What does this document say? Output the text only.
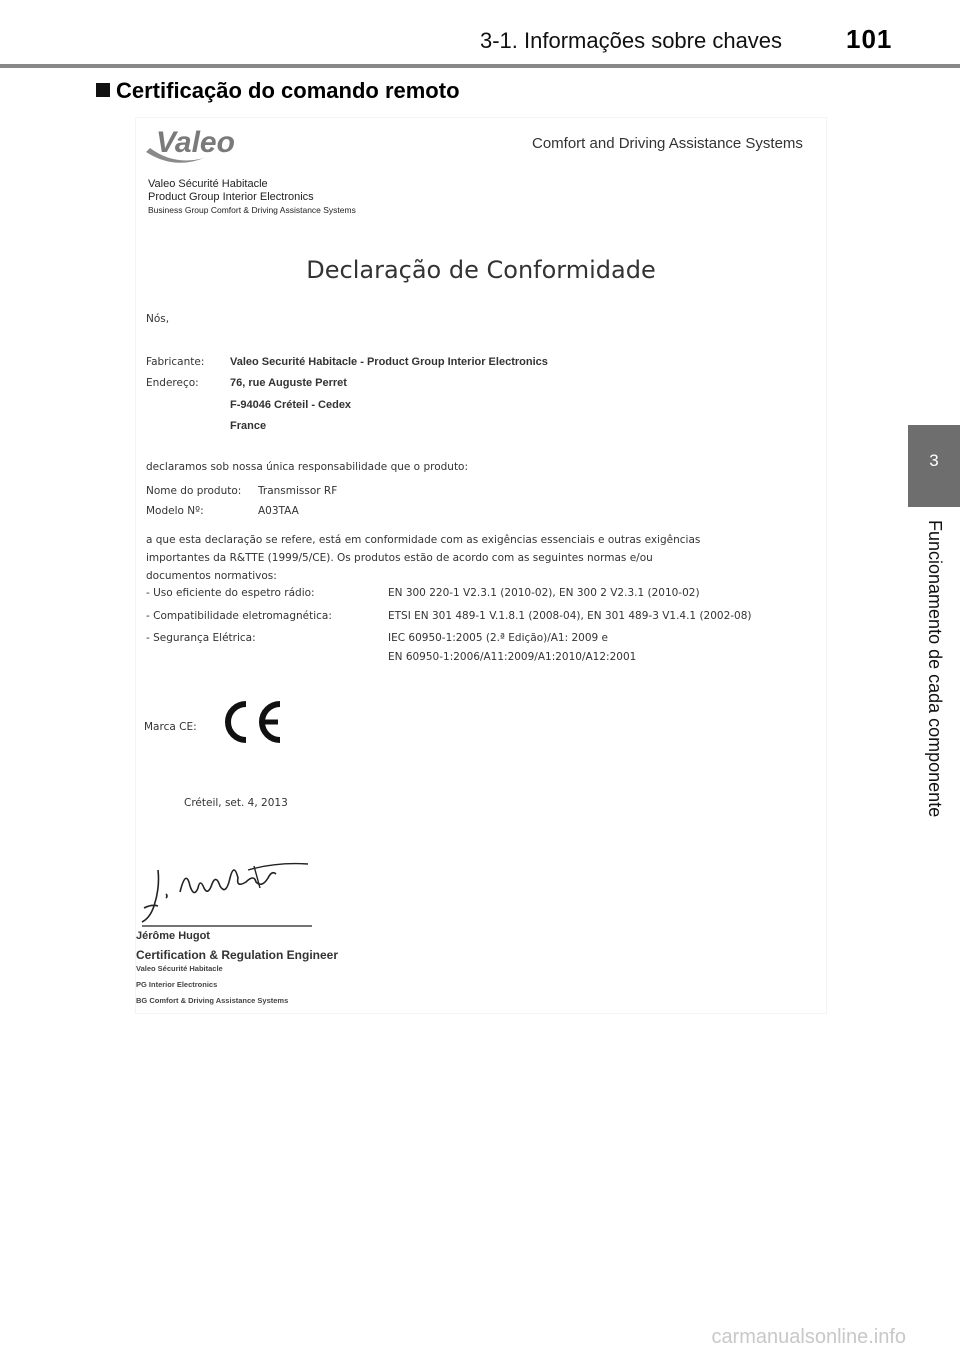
3-1. Informações sobre chaves 101
Certificação do comando remoto
3
Funcionamento de cada componente
Valeo	Comfort and Driving Assistance Systems
Valeo Sécurité Habitacle
Product Group Interior Electronics
Business Group Comfort & Driving Assistance Systems
Declaração de Conformidade
Nós,
Fabricante: Valeo Securité Habitacle - Product Group Interior Electronics
Endereço:	76, rue Auguste Perret
F-94046 Créteil - Cedex
France
declaramos sob nossa única responsabilidade que o produto:
Nome do produto: Transmissor RF
Modelo Nº:	A03TAA
a que esta declaração se refere, está em conformidade com as exigências essenciais e outras exigências
importantes da R&TTE (1999/5/CE). Os produtos estão de acordo com as seguintes normas e/ou
documentos normativos:
- Uso eficiente do espetro rádio:	EN 300 220-1 V2.3.1 (2010-02), EN 300 2 V2.3.1 (2010-02)
- Compatibilidade eletromagnética:	ETSI EN 301 489-1 V.1.8.1 (2008-04), EN 301 489-3 V1.4.1 (2002-08)
- Segurança Elétrica:	IEC 60950-1:2005 (2.ª Edição)/A1: 2009 e
EN 60950-1:2006/A11:2009/A1:2010/A12:2001
Marca CE:
Créteil, set. 4, 2013
Jérôme Hugot
Certification & Regulation Engineer
Valeo Sécurité Habitacle
PG Interior Electronics
BG Comfort & Driving Assistance Systems
carmanualsonline.info
